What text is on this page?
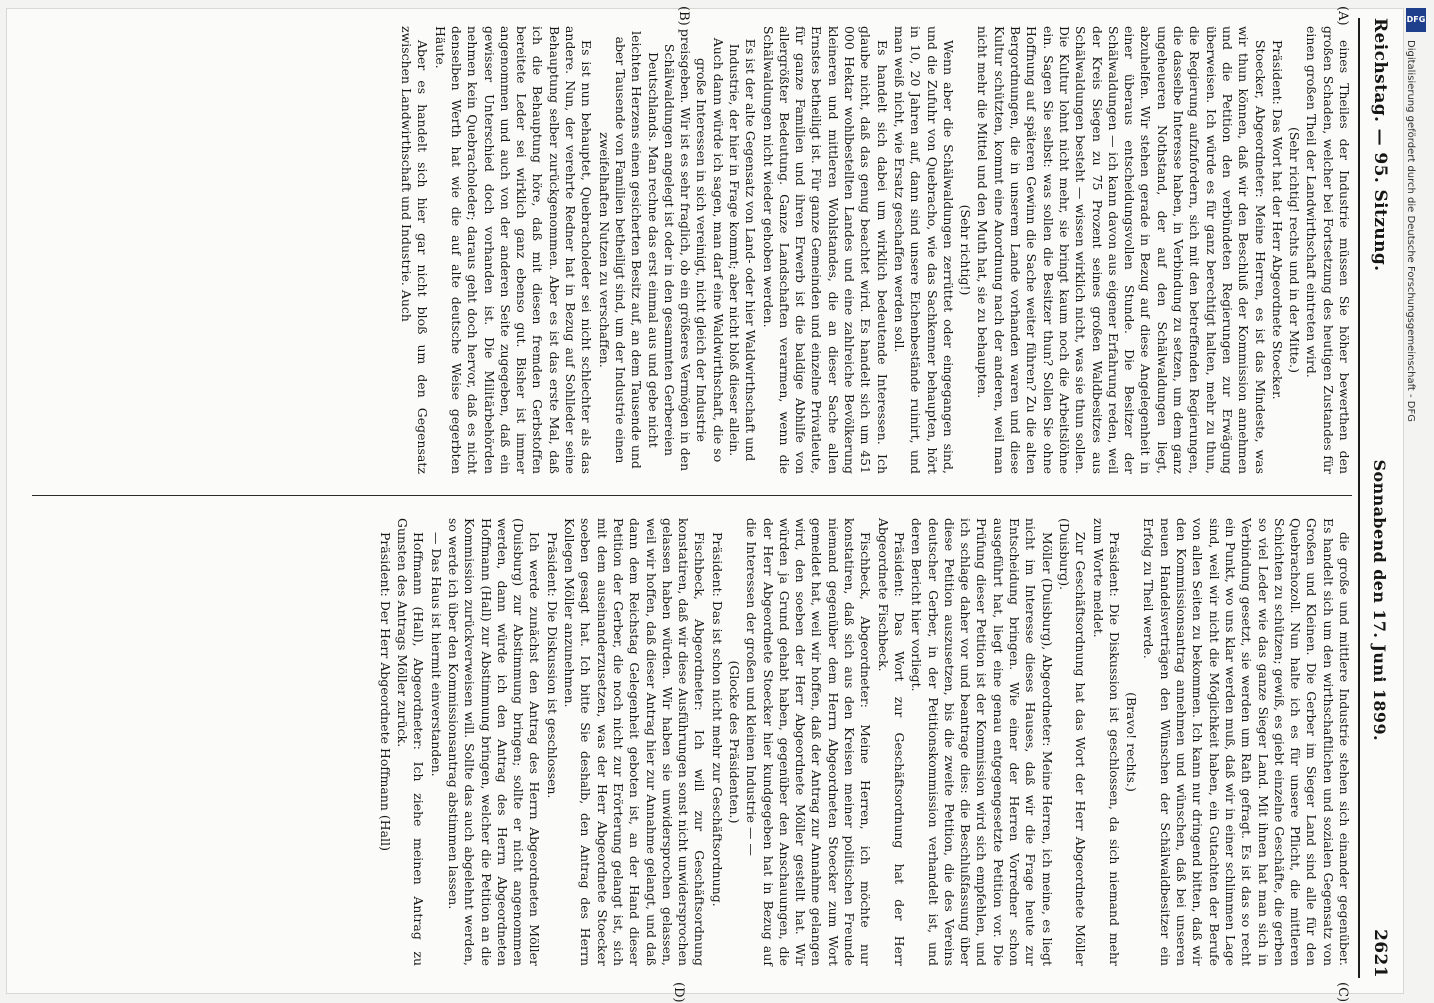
Reichstag. — 95. Sitzung.
Sonnabend den 17. Juni 1899.
2621
(A)
(B)
(C)
(D)

eines Theiles der Industrie müssen Sie höher bewerthen den großen Schaden, welcher bei Fortsetzung des heutigen Zustandes für einen großen Theil der Landwirthschaft eintreten wird.

(Sehr richtig! rechts und in der Mitte.)

Präsident: Das Wort hat der Herr Abgeordnete Stoecker.

Stoecker, Abgeordneter: Meine Herren, es ist das Mindeste, was wir thun können, daß wir den Beschluß der Kommission annehmen und die Petition den verbündeten Regierungen zur Erwägung überweisen. Ich würde es für ganz berechtigt halten, mehr zu thun, die Regierung aufzufordern, sich mit den betreffenden Regierungen, die dasselbe Interesse haben, in Verbindung zu setzen, um dem ganz ungeheueren Nothstand, der auf den Schälwaldungen liegt, abzuhelfen. Wir stehen gerade in Bezug auf diese Angelegenheit in einer überaus entscheidungsvollen Stunde. Die Besitzer der Schälwaldungen — ich kann davon aus eigener Erfahrung reden, weil der Kreis Siegen zu 75 Prozent seines großen Waldbesitzes aus Schälwaldungen besteht — wissen wirklich nicht, was sie thun sollen. Die Kultur lohnt nicht mehr, sie bringt kaum noch die Arbeitslöhne ein. Sagen Sie selbst: was sollen die Besitzer thun? Sollen Sie ohne Hoffnung auf späteren Gewinn die Sache weiter führen? Zu die alten Bergordnungen, die in unserem Lande vorhanden waren und diese Kultur schützten, kommt eine Anordnung nach der anderen, weil man nicht mehr die Mittel und den Muth hat, sie zu behaupten.

(Sehr richtig!)

Wenn aber die Schälwaldungen zerrüttet oder eingegangen sind, und die Zufuhr von Quebracho, wie das Sachkenner behaupten, hört in 10, 20 Jahren auf, dann sind unsere Eichenbestände ruinirt, und man weiß nicht, wie Ersatz geschaffen werden soll.

Es handelt sich dabei um wirklich bedeutende Interessen. Ich glaube nicht, daß das genug beachtet wird. Es handelt sich um 451 000 Hektar wohlbestellten Landes und eine zahlreiche Bevölkerung kleineren und mittleren Wohlstandes, die an dieser Sache allen Ernstes betheiligt ist. Für ganze Gemeinden und einzelne Privatleute, für ganze Familien und ihren Erwerb ist die baldige Abhilfe von allergrößter Bedeutung. Ganze Landschaften verarmen, wenn die Schälwaldungen nicht wieder gehoben werden.

Es ist der alte Gegensatz von Land- oder hier Waldwirthschaft und Industrie, der hier in Frage kommt; aber nicht bloß dieser allein. Auch dann würde ich sagen, man darf eine Waldwirthschaft, die so große Interessen in sich vereinigt, nicht gleich der Industrie preisgeben. Wir ist es sehr fraglich, ob ein größeres Vermögen in den Schälwaldungen angelegt ist oder in den gesammten Gerbereien Deutschlands. Man rechne das erst einmal aus und gebe nicht leichten Herzens einen gesicherten Besitz auf, an dem Tausende und aber Tausende von Familien betheiligt sind, um der Industrie einen zweifelhaften Nutzen zu verschaffen.

Es ist nun behauptet, Quebracholeder sei nicht schlechter als das andere. Nun, der verehrte Redner hat in Bezug auf Sohlleder seine Behauptung selber zurückgenommen. Aber es ist das erste Mal, daß ich die Behauptung höre, daß mit diesen fremden Gerbstoffen bereitete Leder sei wirklich ganz ebenso gut. Bisher ist immer angenommen und auch von der anderen Seite zugegeben, daß ein gewisser Unterschied doch vorhanden ist. Die Militärbehörden nehmen kein Quebracholeder; daraus geht doch hervor, daß es nicht denselben Werth hat wie die auf alte deutsche Weise gegerbten Häute.

Aber es handelt sich hier gar nicht bloß um den Gegensatz zwischen Landwirthschaft und Industrie. Auch

die große und mittlere Industrie stehen sich einander gegenüber. Es handelt sich um den wirthschaftlichen und sozialen Gegensatz von Großen und Kleinen. Die Gerber im Sieger Land sind alle für den Quebrachozoll. Nun halte ich es für unsere Pflicht, die mittleren Schichten zu schützen; gewiß, es giebt einzelne Geschäfte, die gerben so viel Leder wie das ganze Sieger Land. Mit ihnen hat man sich in Verbindung gesetzt, sie werden um Rath gefragt. Es ist das so recht ein Punkt, wo uns klar werden muß, daß wir in einer schlimmen Lage sind, weil wir nicht die Möglichkeit haben, ein Gutachten der Berufe von allen Seiten zu bekommen. Ich kann nur dringend bitten, daß wir den Kommissionsantrag annehmen und wünschen, daß bei unseren neuen Handelsverträgen den Wünschen der Schälwaldbesitzer ein Erfolg zu Theil werde.

(Bravo! rechts.)

Präsident: Die Diskussion ist geschlossen, da sich niemand mehr zum Worte meldet.

Zur Geschäftsordnung hat das Wort der Herr Abgeordnete Möller (Duisburg).

Möller (Duisburg), Abgeordneter: Meine Herren, ich meine, es liegt nicht im Interesse dieses Hauses, daß wir die Frage heute zur Entscheidung bringen. Wie einer der Herren Vorredner schon ausgeführt hat, liegt eine genau entgegengesetzte Petition vor. Die Prüfung dieser Petition ist der Kommission wird sich empfehlen, und ich schlage daher vor und beantrage dies: die Beschlußfassung über diese Petition auszusetzen, bis die zweite Petition, die des Vereins deutscher Gerber, in der Petitionskommission verhandelt ist, und deren Bericht hier vorliegt.

Präsident: Das Wort zur Geschäftsordnung hat der Herr Abgeordnete Fischbeck.

Fischbeck, Abgeordneter: Meine Herren, ich möchte nur konstatiren, daß sich aus den Kreisen meiner politischen Freunde niemand gegenüber dem Herrn Abgeordneten Stoecker zum Wort gemeldet hat, weil wir hoffen, daß der Antrag zur Annahme gelangen wird, den soeben der Herr Abgeordnete Möller gestellt hat. Wir würden ja Grund gehabt haben, gegenüber den Anschauungen, die der Herr Abgeordnete Stoecker hier kundgegeben hat in Bezug auf die Interessen der großen und kleinen Industrie — —

(Glocke des Präsidenten.)

Präsident: Das ist schon nicht mehr zur Geschäftsordnung.

Fischbeck, Abgeordneter: Ich will zur Geschäftsordnung konstatiren, daß wir diese Ausführungen sonst nicht unwidersprochen gelassen haben würden. Wir haben sie unwidersprochen gelassen, weil wir hoffen, daß dieser Antrag hier zur Annahme gelangt, und daß dann dem Reichstag Gelegenheit geboten ist, an der Hand dieser Petition der Gerber, die noch nicht zur Erörterung gelangt ist, sich mit dem auseinanderzusetzen, was der Herr Abgeordnete Stoecker soeben gesagt hat. Ich bitte Sie deshalb, den Antrag des Herrn Kollegen Möller anzunehmen.

Präsident: Die Diskussion ist geschlossen.

Ich werde zunächst den Antrag des Herrn Abgeordneten Möller (Duisburg) zur Abstimmung bringen; sollte er nicht angenommen werden, dann würde ich den Antrag des Herrn Abgeordneten Hoffmann (Hall) zur Abstimmung bringen, welcher die Petition an die Kommission zurückverweisen will. Sollte das auch abgelehnt werden, so werde ich über den Kommissionsantrag abstimmen lassen.

— Das Haus ist hiermit einverstanden.

Hoffmann (Hall), Abgeordneter: Ich ziehe meinen Antrag zu Gunsten des Antrags Möller zurück.

Präsident: Der Herr Abgeordnete Hoffmann (Hall)

DFG
Digitalisierung gefördert durch die Deutsche Forschungsgemeinschaft - DFG
